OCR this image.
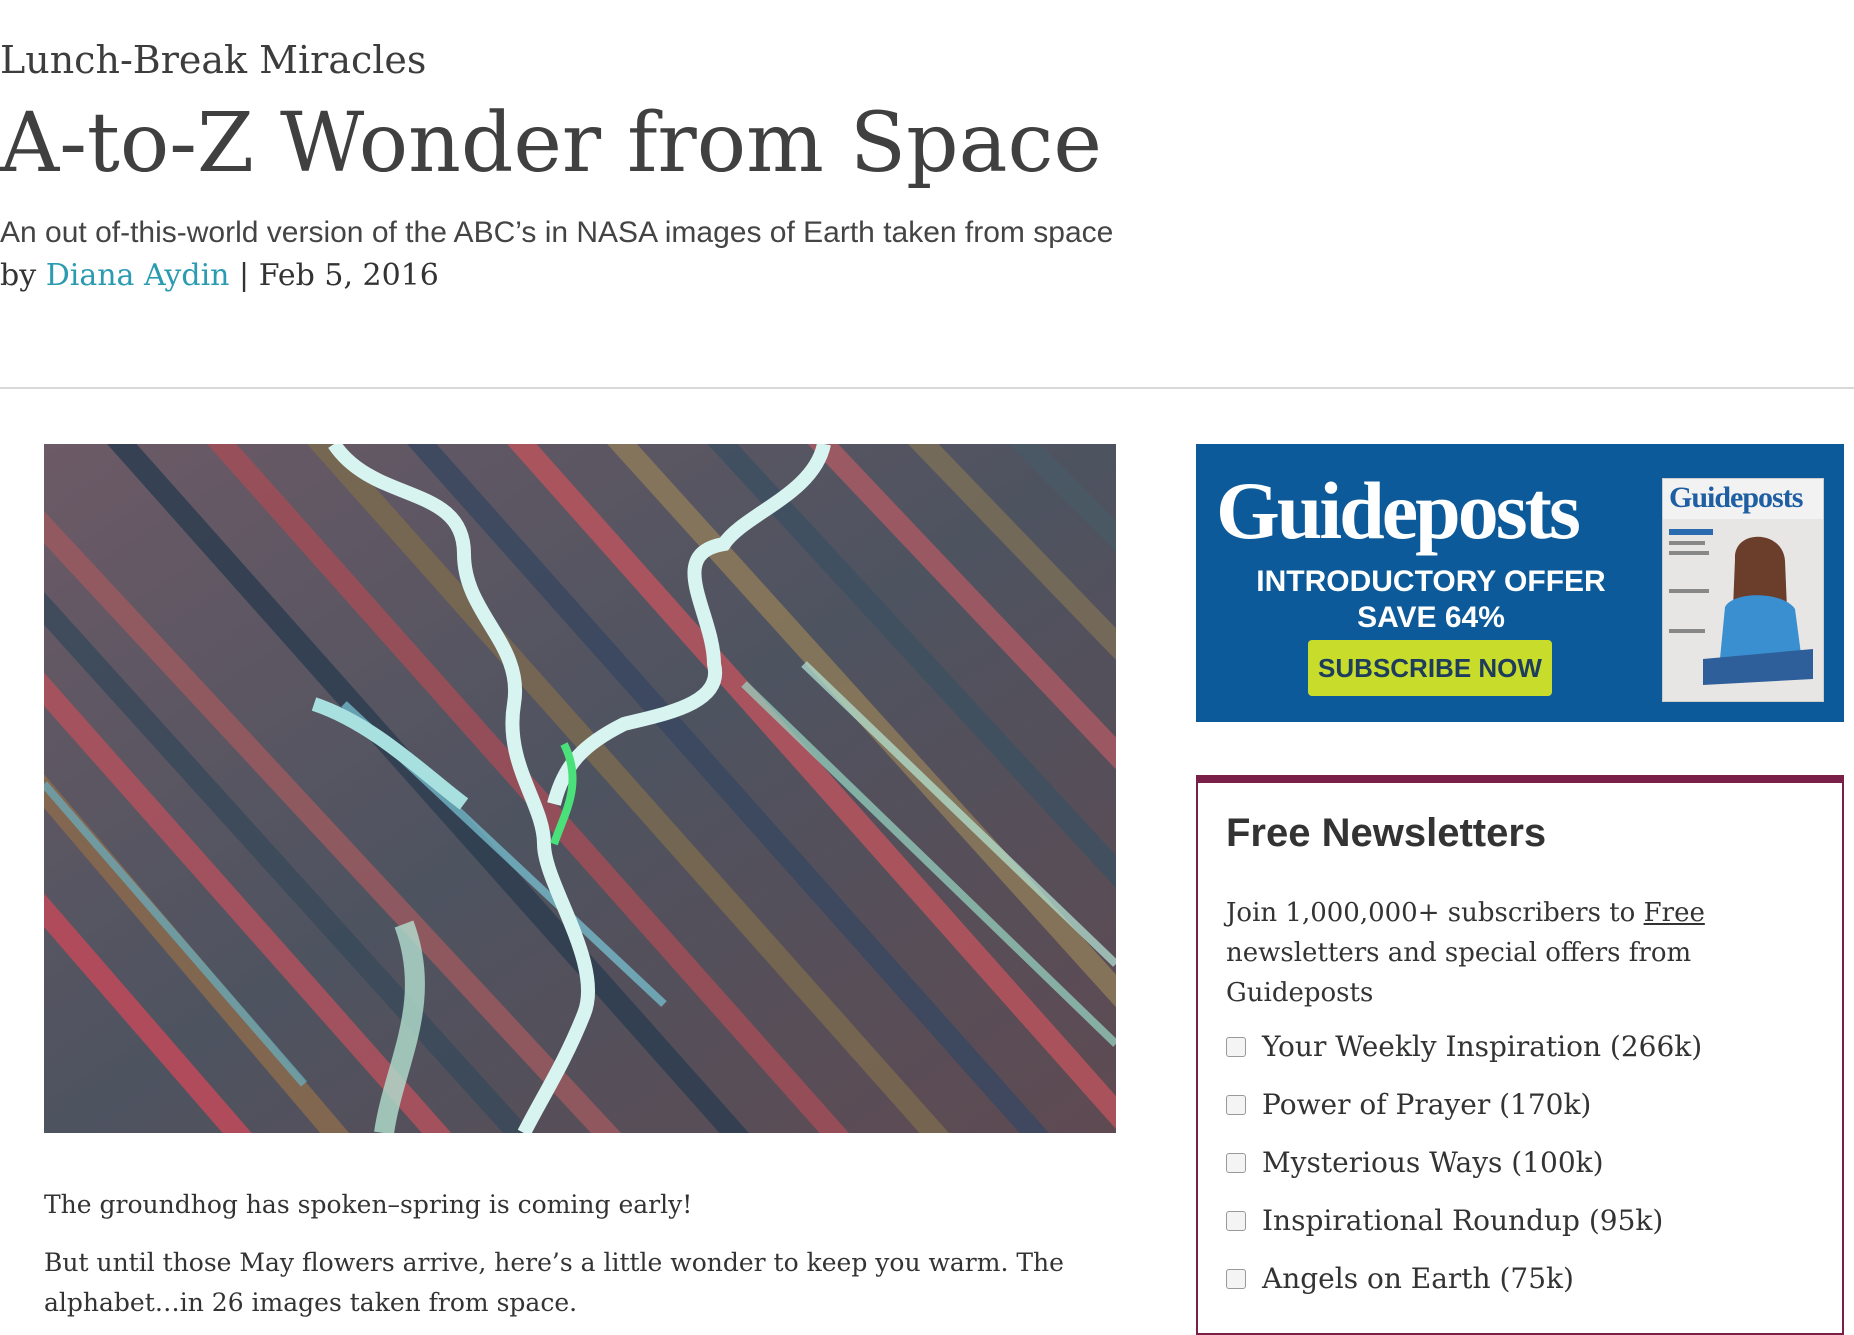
Lunch-Break Miracles
A-to-Z Wonder from Space
An out of-this-world version of the ABC’s in NASA images of Earth taken from space
by Diana Aydin | Feb 5, 2016

The groundhog has spoken–spring is coming early!

But until those May flowers arrive, here’s a little wonder to keep you warm. The alphabet…in 26 images taken from space.

Guideposts
INTRODUCTORY OFFER
SAVE 64%
SUBSCRIBE NOW
Guideposts
Free Newsletters
Join 1,000,000+ subscribers to Free newsletters and special offers from Guideposts
Your Weekly Inspiration (266k)
Power of Prayer (170k)
Mysterious Ways (100k)
Inspirational Roundup (95k)
Angels on Earth (75k)
